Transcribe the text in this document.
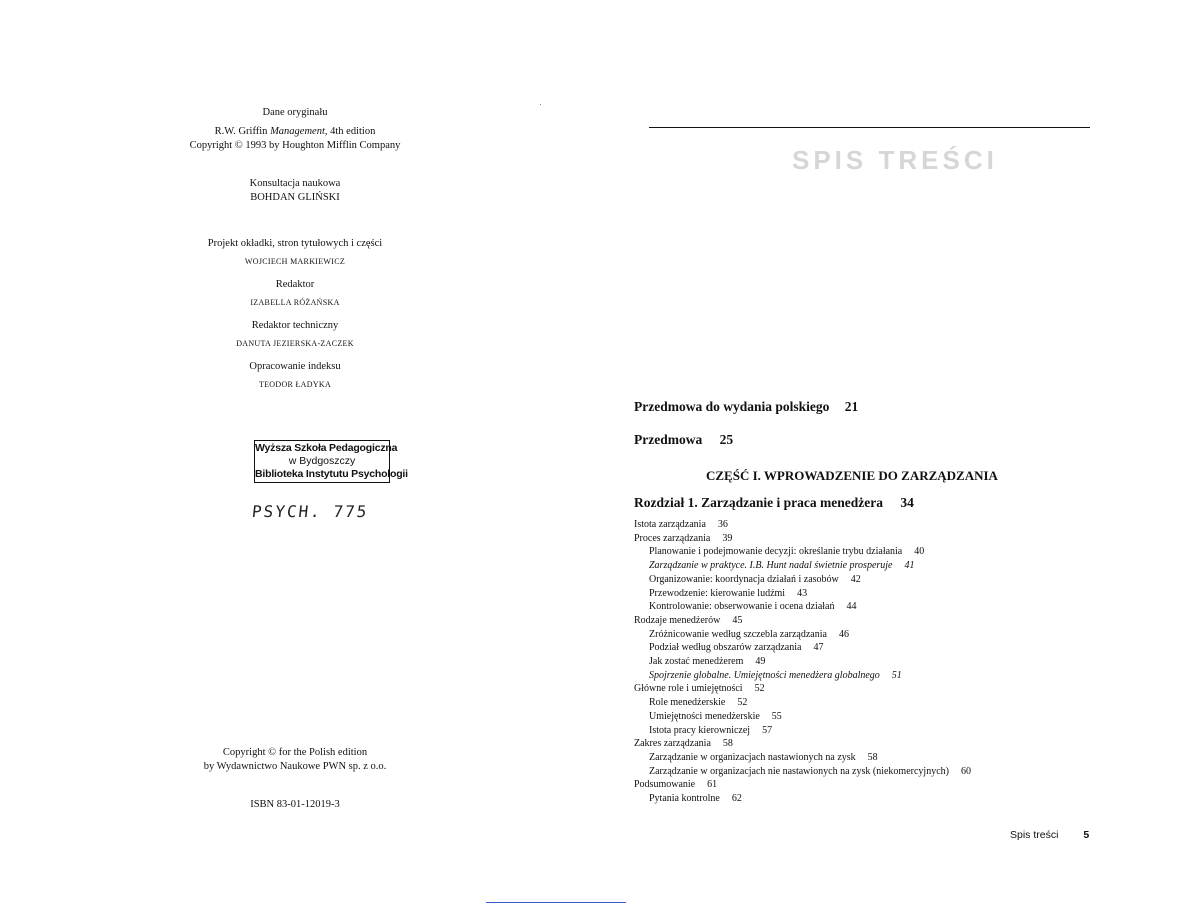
Dane oryginału
R.W. Griffin Management, 4th edition
Copyright © 1993 by Houghton Mifflin Company
Konsultacja naukowa
BOHDAN GLIŃSKI
Projekt okładki, stron tytułowych i części
WOJCIECH MARKIEWICZ
Redaktor
IZABELLA RÓŻAŃSKA
Redaktor techniczny
DANUTA JEZIERSKA-ZACZEK
Opracowanie indeksu
TEODOR ŁADYKA
Wyższa Szkoła Pedagogiczna
w Bydgoszczy
Biblioteka Instytutu Psychologii
PSYCH. 775
Copyright © for the Polish edition
by Wydawnictwo Naukowe PWN sp. z o.o.
ISBN 83-01-12019-3
SPIS TREŚCI
Przedmowa do wydania polskiego 21
Przedmowa 25
CZĘŚĆ I. WPROWADZENIE DO ZARZĄDZANIA
Rozdział 1. Zarządzanie i praca menedżera 34
Istota zarządzania 36
Proces zarządzania 39
Planowanie i podejmowanie decyzji: określanie trybu działania 40
Zarządzanie w praktyce. I.B. Hunt nadal świetnie prosperuje 41
Organizowanie: koordynacja działań i zasobów 42
Przewodzenie: kierowanie ludźmi 43
Kontrolowanie: obserwowanie i ocena działań 44
Rodzaje menedżerów 45
Zróżnicowanie według szczebla zarządzania 46
Podział według obszarów zarządzania 47
Jak zostać menedżerem 49
Spojrzenie globalne. Umiejętności menedżera globalnego 51
Główne role i umiejętności 52
Role menedżerskie 52
Umiejętności menedżerskie 55
Istota pracy kierowniczej 57
Zakres zarządzania 58
Zarządzanie w organizacjach nastawionych na zysk 58
Zarządzanie w organizacjach nie nastawionych na zysk (niekomercyjnych) 60
Podsumowanie 61
Pytania kontrolne 62
Spis treści 5
